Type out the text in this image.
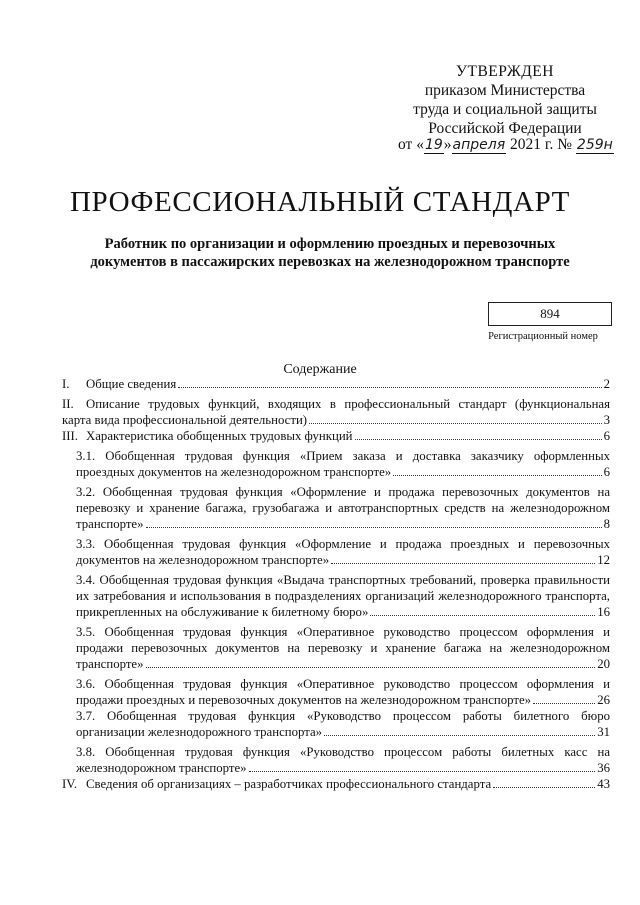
УТВЕРЖДЕН
приказом Министерства
труда и социальной защиты
Российской Федерации
от «19»апреля 2021 г. № 259н
ПРОФЕССИОНАЛЬНЫЙ СТАНДАРТ
Работник по организации и оформлению проездных и перевозочных
документов в пассажирских перевозках на железнодорожном транспорте
894
Регистрационный номер
Содержание
I.	Общие сведения	2
II. Описание трудовых функций, входящих в профессиональный стандарт (функциональная
карта вида профессиональной деятельности)	3
III. Характеристика обобщенных трудовых функций	6
3.1. Обобщенная трудовая функция «Прием заказа и доставка заказчику оформленных
проездных документов на железнодорожном транспорте»	6
3.2. Обобщенная трудовая функция «Оформление и продажа перевозочных документов на
перевозку и хранение багажа, грузобагажа и автотранспортных средств на железнодорожном
транспорте»	8
3.3. Обобщенная трудовая функция «Оформление и продажа проездных и перевозочных
документов на железнодорожном транспорте»	12
3.4. Обобщенная трудовая функция «Выдача транспортных требований, проверка правильности
их затребования и использования в подразделениях организаций железнодорожного транспорта,
прикрепленных на обслуживание к билетному бюро»	16
3.5. Обобщенная трудовая функция «Оперативное руководство процессом оформления и
продажи перевозочных документов на перевозку и хранение багажа на железнодорожном
транспорте»	20
3.6. Обобщенная трудовая функция «Оперативное руководство процессом оформления и
продажи проездных и перевозочных документов на железнодорожном транспорте»	26
3.7. Обобщенная трудовая функция «Руководство процессом работы билетного бюро
организации железнодорожного транспорта»	31
3.8. Обобщенная трудовая функция «Руководство процессом работы билетных касс на
железнодорожном транспорте»	36
IV. Сведения об организациях – разработчиках профессионального стандарта	43
